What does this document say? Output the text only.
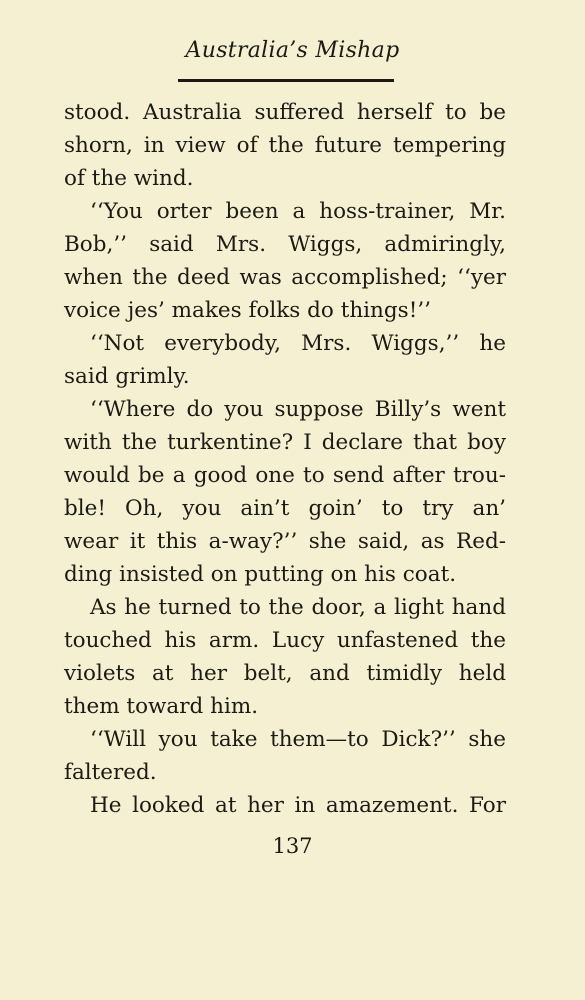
Australia’s Mishap
stood. Australia suffered herself to be
shorn, in view of the future tempering
of the wind.
‘‘You orter been a hoss-trainer, Mr.
Bob,’’ said Mrs. Wiggs, admiringly,
when the deed was accomplished; ‘‘yer
voice jes’ makes folks do things!’’
‘‘Not everybody, Mrs. Wiggs,’’ he
said grimly.
‘‘Where do you suppose Billy’s went
with the turkentine? I declare that boy
would be a good one to send after trou-
ble! Oh, you ain’t goin’ to try an’
wear it this a-way?’’ she said, as Red-
ding insisted on putting on his coat.
As he turned to the door, a light hand
touched his arm. Lucy unfastened the
violets at her belt, and timidly held
them toward him.
‘‘Will you take them—to Dick?’’ she
faltered.
He looked at her in amazement. For
137
